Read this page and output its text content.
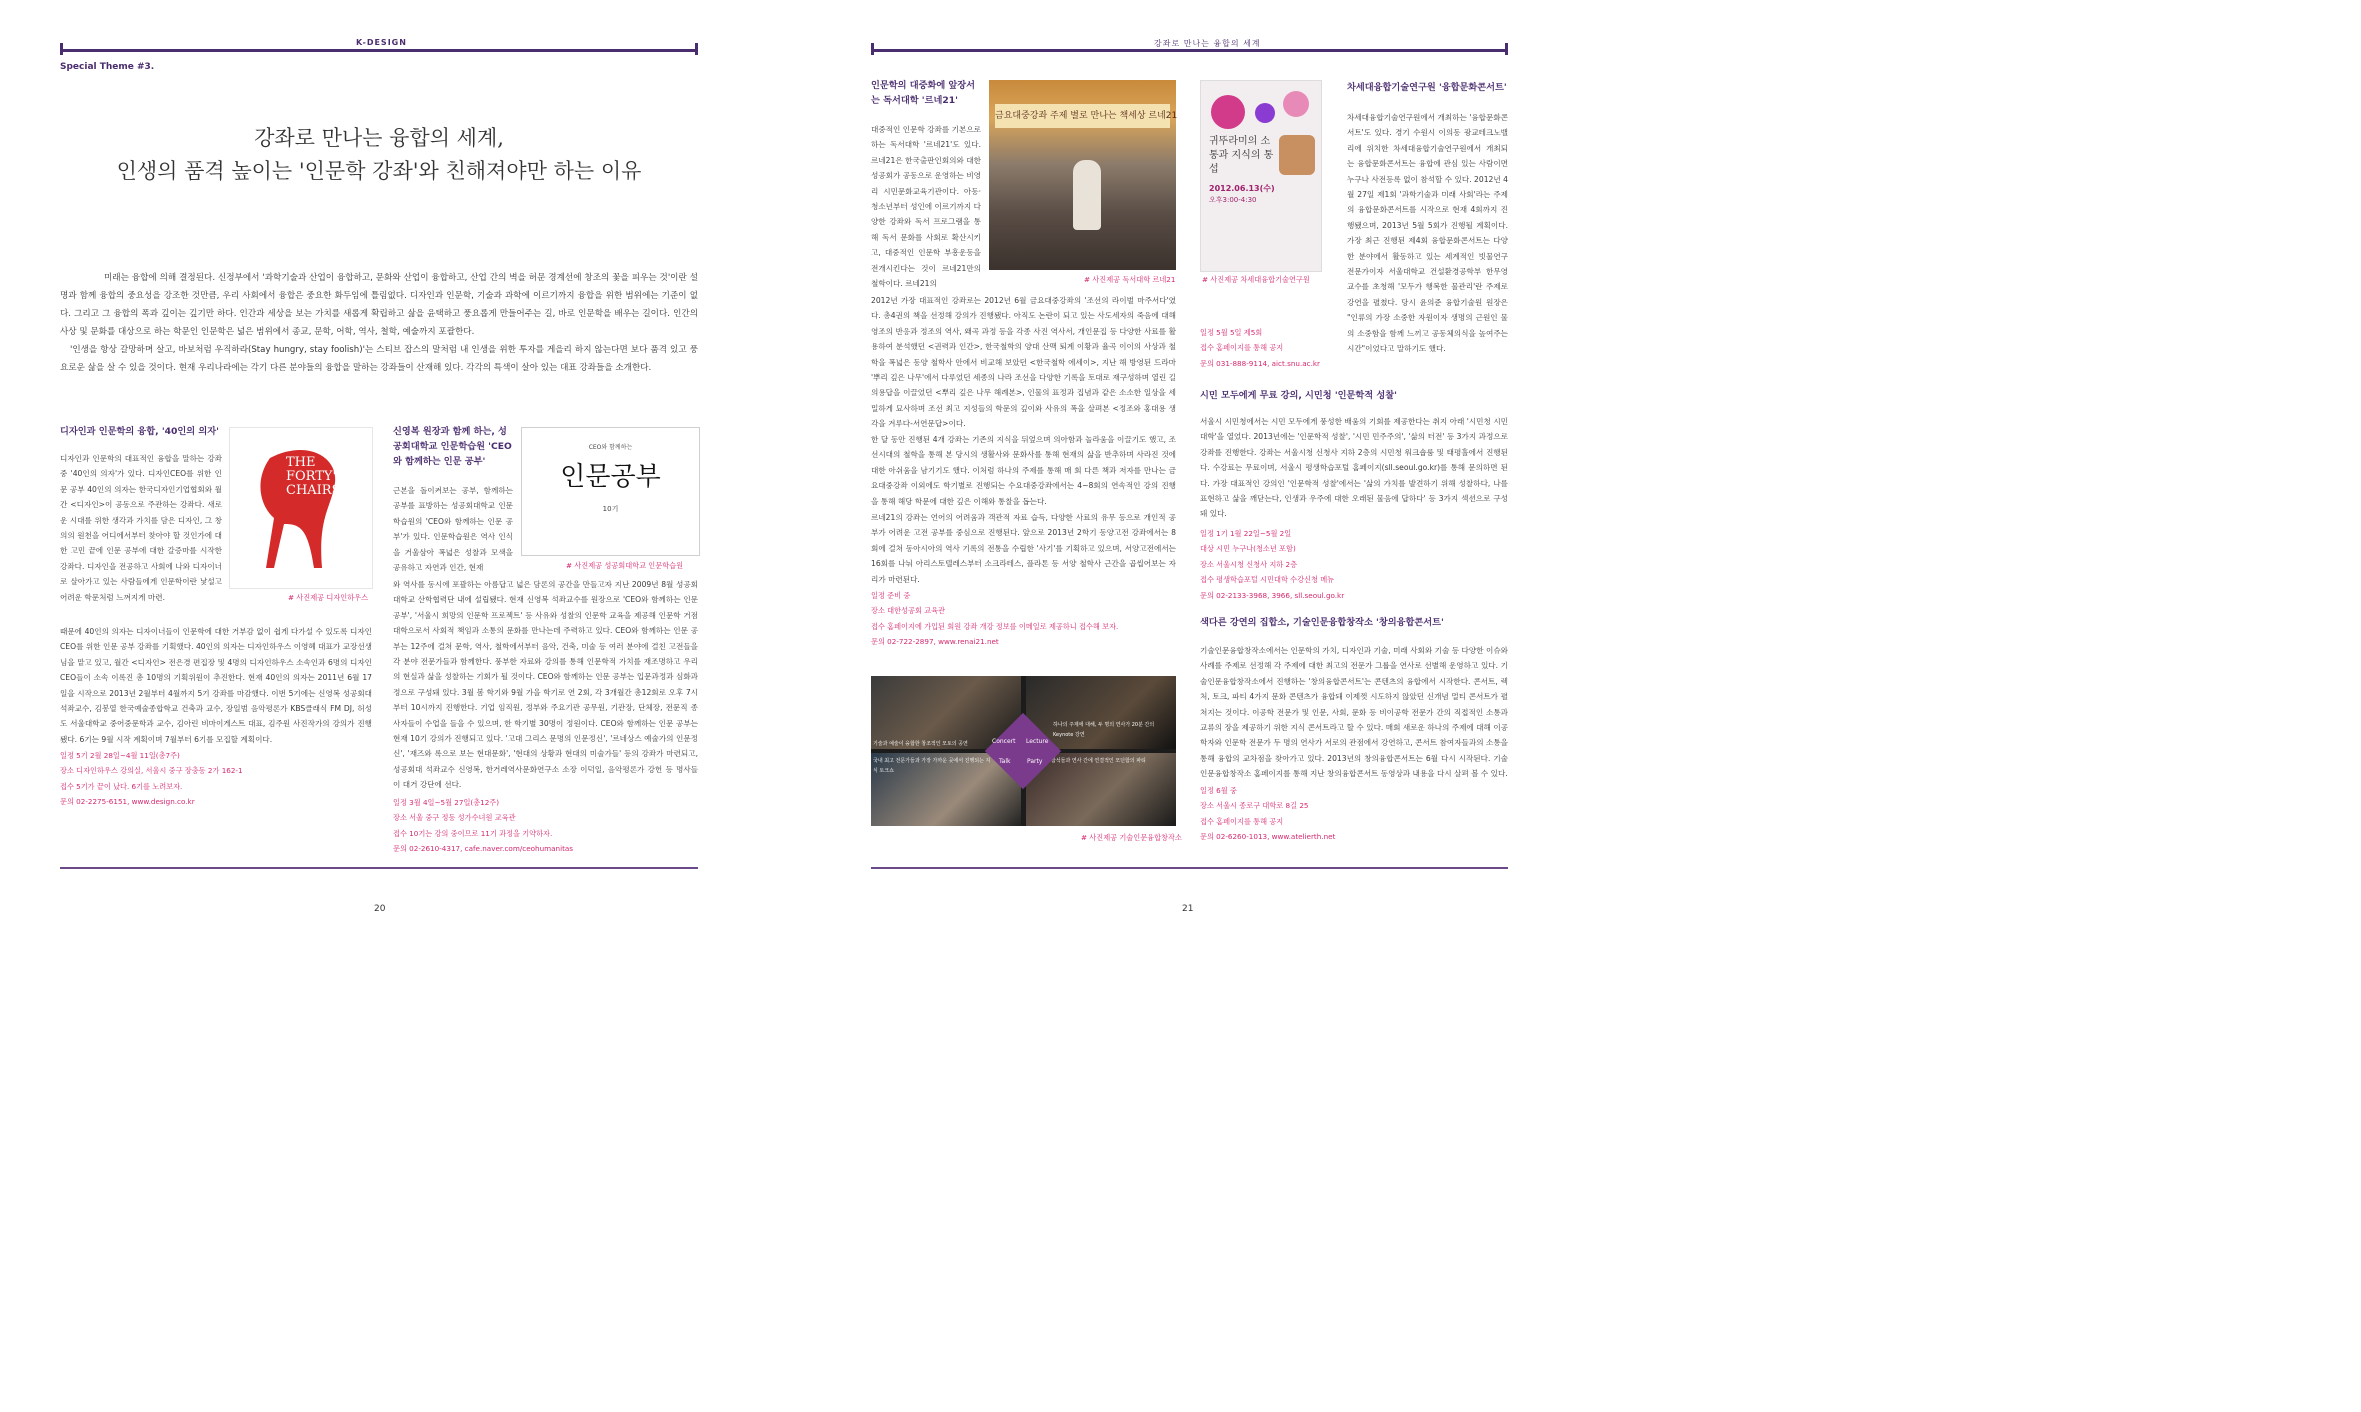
K-DESIGN
Special Theme #3.
강좌로 만나는 융합의 세계,
인생의 품격 높이는 '인문학 강좌'와 친해져야만 하는 이유

미래는 융합에 의해 결정된다. 신정부에서 '과학기술과 산업이 융합하고, 문화와 산업이 융합하고, 산업 간의 벽을 허문 경계선에 창조의 꽃을 피우는 것'이란 설명과 함께 융합의 중요성을 강조한 것만큼, 우리 사회에서 융합은 중요한 화두임에 틀림없다. 디자인과 인문학, 기술과 과학에 이르기까지 융합을 위한 범위에는 기준이 없다. 그리고 그 융합의 폭과 깊이는 깊기만 하다. 인간과 세상을 보는 가치를 새롭게 확립하고 삶을 윤택하고 풍요롭게 만들어주는 길, 바로 인문학을 배우는 길이다. 인간의 사상 및 문화를 대상으로 하는 학문인 인문학은 넓은 범위에서 종교, 문학, 어학, 역사, 철학, 예술까지 포괄한다.

'인생을 항상 갈망하며 살고, 바보처럼 우직하라(Stay hungry, stay foolish)'는 스티브 잡스의 말처럼 내 인생을 위한 투자를 게을리 하지 않는다면 보다 품격 있고 풍요로운 삶을 살 수 있을 것이다. 현재 우리나라에는 각기 다른 분야들의 융합을 말하는 강좌들이 산재해 있다. 각각의 특색이 살아 있는 대표 강좌들을 소개한다.

디자인과 인문학의 융합, '40인의 의자'
디자인과 인문학의 대표적인 융합을 말하는 강좌 중 '40인의 의자'가 있다. 디자인CEO를 위한 인문 공부 40인의 의자는 한국디자인기업협회와 월간 <디자인>이 공동으로 주관하는 강좌다. 새로운 시대를 위한 생각과 가치를 담은 디자인, 그 창의의 원천을 어디에서부터 찾아야 할 것인가에 대한 고민 끝에 인문 공부에 대한 갈증마를 시작한 강좌다. 디자인을 전공하고 사회에 나와 디자이너로 살아가고 있는 사람들에게 인문학이란 낯설고 어려운 학문처럼 느껴지게 마련.
40인의 의자
THE FORTY'S CHAIRS
# 사진제공 디자인하우스
때문에 40인의 의자는 디자이너들이 인문학에 대한 거부감 없이 쉽게 다가설 수 있도록 디자인CEO를 위한 인문 공부 강좌를 기획했다. 40인의 의자는 디자인하우스 이영혜 대표가 교장선생님을 맡고 있고, 월간 <디자인> 전은경 편집장 및 4명의 디자인하우스 소속인과 6명의 디자인CEO들이 소속 이록진 총 10명의 기획위원이 추진한다. 현재 40인의 의자는 2011년 6월 17일을 시작으로 2013년 2월부터 4월까지 5기 강좌를 마감했다. 이번 5기에는 신영복 성공회대 석좌교수, 김봉열 한국예술종합학교 건축과 교수, 장일범 음악평론가 KBS클래식 FM DJ, 허성도 서울대학교 중어중문학과 교수, 김아린 비마이게스트 대표, 김주원 사진작가의 강의가 진행됐다. 6기는 9월 시작 계획이며 7월부터 6기를 모집할 계획이다.
일정 5기 2월 28일~4월 11일(총7주)
장소 디자인하우스 강의실, 서울시 중구 장충동 2가 162-1
접수 5기가 끝이 났다. 6기를 노려보자.
문의 02-2275-6151, www.design.co.kr
신영복 원장과 함께 하는, 성공회대학교 인문학습원 'CEO와 함께하는 인문 공부'
근본을 돌이켜보는 공부, 함께하는 공부를 표방하는 성공회대학교 인문학습원의 'CEO와 함께하는 인문 공부'가 있다. 인문학습원은 역사 인식을 거울삼아 폭넓은 성찰과 모색을 공유하고 자연과 인간, 현재
CEO와 함께하는
인문공부
10기
# 사진제공 성공회대학교 인문학습원
와 역사를 동시에 포괄하는 아름답고 넓은 담론의 공간을 만들고자 지난 2009년 8월 성공회대학교 산학협력단 내에 설립됐다. 현재 신영복 석좌교수를 원장으로 'CEO와 함께하는 인문 공부', '서울시 희망의 인문학 프로젝트' 등 사유와 성찰의 인문학 교육을 제공해 인문학 거점대학으로서 사회적 책임과 소통의 문화를 만나는데 주력하고 있다. CEO와 함께하는 인문 공부는 12주에 걸쳐 문학, 역사, 철학에서부터 음악, 건축, 미술 등 여러 분야에 걸친 고전들을 각 분야 전문가들과 함께한다. 풍부한 자료와 강의를 통해 인문학적 가치를 재조명하고 우리의 현실과 삶을 성찰하는 기회가 될 것이다. CEO와 함께하는 인문 공부는 입문과정과 심화과정으로 구성돼 있다. 3월 봄 학기와 9월 가을 학기로 연 2회, 각 3개월간 총12회로 오후 7시부터 10시까지 진행한다. 기업 임직원, 정부와 주요기관 공무원, 기관장, 단체장, 전문직 종사자들이 수업을 들을 수 있으며, 한 학기별 30명이 정원이다. CEO와 함께하는 인문 공부는 현재 10기 강의가 진행되고 있다. '고대 그리스 문명의 인문정신', '르네상스 예술가의 인문정신', '재즈와 록으로 보는 현대문화', '현대의 상황과 현대의 미술가들' 등의 강좌가 마련되고, 성공회대 석좌교수 신영복, 한거레역사문화연구소 소장 이덕일, 음악평론가 강헌 등 명사들이 대거 강단에 선다.
일정 3월 4일~5월 27일(총12주)
장소 서울 중구 정동 성가수녀원 교육관
접수 10기는 강의 중이므로 11기 과정을 기약하자.
문의 02-2610-4317, cafe.naver.com/ceohumanitas
20
강좌로 만나는 융합의 세계
인문학의 대중화에 앞장서는 독서대학 '르네21'
대중적인 인문학 강좌를 기본으로 하는 독서대학 '르네21'도 있다. 르네21은 한국출판인회의와 대한성공회가 공동으로 운영하는 비영리 시민문화교육기관이다. 아동·청소년부터 성인에 이르기까지 다양한 강좌와 독서 프로그램을 통해 독서 문화를 사회로 확산시키고, 대중적인 인문학 부흥운동을 전개시킨다는 것이 르네21만의 철학이다. 르네21의
금요대중강좌 주제 별로 만나는 책세상 르네21
# 사진제공 독서대학 르네21
2012년 가장 대표적인 강좌로는 2012년 6월 금요대중강좌의 '조선의 라이벌 마주서다'였다. 총4권의 책을 선정해 강의가 진행됐다. 아직도 논란이 되고 있는 사도세자의 죽음에 대해 영조의 반응과 정조의 역사, 왜곡 과정 등을 각종 사진 역사서, 개인문집 등 다양한 사료를 활용하여 분석했던 <권력과 인간>, 한국철학의 양대 산맥 퇴계 이황과 율곡 이이의 사상과 철학을 폭넓은 동양 철학사 안에서 비교해 보았던 <한국철학 에세이>, 지난 해 방영된 드라마 '뿌리 깊은 나무'에서 다루었던 세종의 나라 조선을 다양한 기록을 토대로 재구성하며 열린 길의용답을 이끌었던 <뿌리 깊은 나무 해례본>, 인물의 표정과 집념과 같은 소소한 일상을 세밀하게 묘사하며 조선 최고 지성들의 학문의 깊이와 사유의 폭을 살펴본 <정조와 홍대용 생각을 겨루다-서연문답>이다.
한 달 동안 진행된 4개 강좌는 기존의 지식을 뒤엎으며 의아함과 놀라움을 이끌기도 했고, 조선시대의 철학을 통해 본 당시의 생활사와 문화사를 통해 현재의 삶을 반추하며 사라진 것에 대한 아쉬움을 남기기도 했다. 이처럼 하나의 주제를 통해 매 회 다른 책과 저자를 만나는 금요대중강좌 이외에도 학기별로 진행되는 수요대중강좌에서는 4~8회의 연속적인 강의 진행을 통해 해당 학문에 대한 깊은 이해와 통찰을 돕는다.
르네21의 강좌는 언어의 어려움과 객관적 자료 습득, 다양한 사료의 유무 등으로 개인적 공부가 어려운 고전 공부를 중심으로 진행된다. 앞으로 2013년 2학기 동양고전 강좌에서는 8회에 걸쳐 동아시아의 역사 기록의 전통을 수립한 '사기'를 기획하고 있으며, 서양고전에서는 16회를 나눠 아리스토텔레스부터 소크라테스, 플라톤 등 서양 철학사 근간을 곱씹어보는 자리가 마련된다.
일정 준비 중
장소 대한성공회 교육관
접수 홈페이지에 가입된 회원 강좌 개강 정보를 이메일로 제공하니 접수해 보자.
문의 02-722-2897, www.renai21.net
기술과 예술이 융합한 창조적인 모토의 공연
하나의 주제에 대해, 두 명의 연사가 20분 간의 Keynote 강연
국내 최고 전문가들과 가장 가까운 곳에서 진행되는 지식 토크쇼
참석들과 연사 간에 연결적인 모던함의 파티
Concert Lecture
Talk	Party
# 사진제공 기술인문융합창작소
귀뚜라미의 소통과 지식의 통섭
2012.06.13(수)
오후3:00-4:30
# 사진제공 차세대융합기술연구원
차세대융합기술연구원 '융합문화콘서트'
차세대융합기술연구원에서 개최하는 '융합문화콘서트'도 있다. 경기 수원시 이의동 광교테크노밸리에 위치한 차세대융합기술연구원에서 개최되는 융합문화콘서트는 융합에 관심 있는 사람이면 누구나 사전등록 없이 참석할 수 있다. 2012년 4월 27일 제1회 '과학기술과 미래 사회'라는 주제의 융합문화콘서트를 시작으로 현재 4회까지 진행됐으며, 2013년 5월 5회가 진행될 계획이다. 가장 최근 진행된 제4회 융합문화콘서트는 다양한 분야에서 활동하고 있는 세계적인 빗물연구 전문가이자 서울대학교 건설환경공학부 한무영 교수를 초청해 '모두가 행복한 물관리'란 주제로 강연을 펼쳤다. 당시 윤의준 융합기술원 원장은 "인류의 가장 소중한 자원이자 생명의 근원인 물의 소중함을 함께 느끼고 공동체의식을 높여주는 시간"이었다고 말하기도 했다.
일정 5월 5일 제5회
접수 홈페이지를 통해 공지
문의 031-888-9114, aict.snu.ac.kr
시민 모두에게 무료 강의, 시민청 '인문학적 성찰'
서울시 시민청에서는 시민 모두에게 풍성한 배움의 기회를 제공한다는 취지 아래 '시민청 시민대학'을 열었다. 2013년에는 '인문학적 성찰', '시민 민주주의', '삶의 터전' 등 3가지 과정으로 강좌를 진행한다. 강좌는 서울시청 신청사 지하 2층의 시민청 워크숍룸 및 태평홀에서 진행된다. 수강료는 무료이며, 서울시 평생학습포털 홈페이지(sll.seoul.go.kr)를 통해 문의하면 된다. 가장 대표적인 강의인 '인문학적 성찰'에서는 '삶의 가치를 발견하기 위해 성찰하다, 나를 표현하고 삶을 깨닫는다, 인생과 우주에 대한 오래된 물음에 답하다' 등 3가지 섹션으로 구성돼 있다.
일정 1기 1월 22일~5월 2일
대상 시민 누구나(청소년 포함)
장소 서울시청 신청사 지하 2층
접수 평생학습포털 시민대학 수강신청 메뉴
문의 02-2133-3968, 3966, sll.seoul.go.kr
색다른 강연의 집합소, 기술인문융합창작소 '창의융합콘서트'
기술인문융합창작소에서는 인문학의 가치, 디자인과 기술, 미래 사회와 기술 등 다양한 이슈와 사례를 주제로 선정해 각 주제에 대한 최고의 전문가 그룹을 연사로 선별해 운영하고 있다. 기술인문융합창작소에서 진행하는 '창의융합콘서트'는 콘텐츠의 융합에서 시작한다. 콘서트, 렉처, 토크, 파티 4가지 문화 콘텐츠가 융합돼 이제껏 시도하지 않았던 신개념 멀티 콘서트가 펼쳐지는 것이다. 이공학 전문가 및 인문, 사회, 문화 등 비이공학 전문가 간의 직접적인 소통과 교류의 장을 제공하기 위한 지식 콘서트라고 할 수 있다. 매회 새로운 하나의 주제에 대해 이공학자와 인문학 전문가 두 명의 연사가 서로의 관점에서 강연하고, 콘서트 참여자들과의 소통을 통해 융합의 교차점을 찾아가고 있다. 2013년의 창의융합콘서트는 6월 다시 시작된다. 기술인문융합창작소 홈페이지를 통해 지난 창의융합콘서트 동영상과 내용을 다시 살펴 볼 수 있다.
일정 6월 중
장소 서울시 종로구 대학로 8길 25
접수 홈페이지를 통해 공지
문의 02-6260-1013, www.atelierth.net
21
